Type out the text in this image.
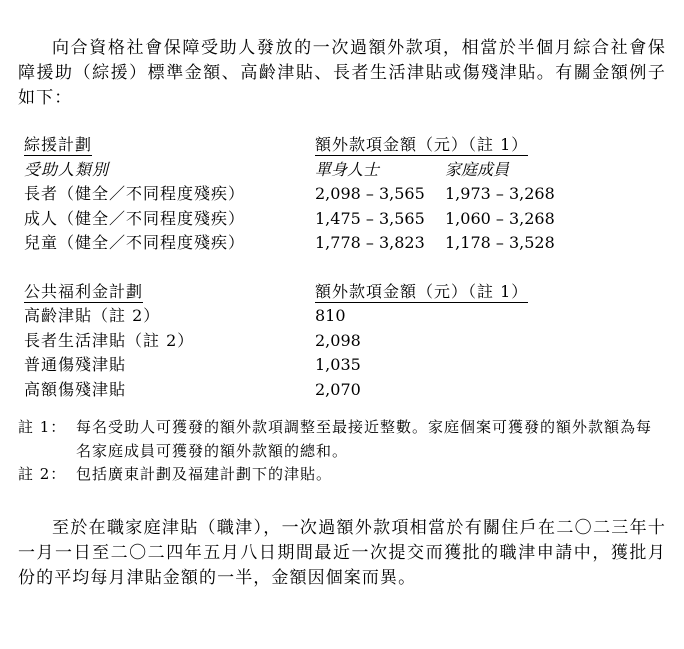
向合資格社會保障受助人發放的一次過額外款項，相當於半個月綜合社會保障援助（綜援）標準金額、高齡津貼、長者生活津貼或傷殘津貼。有關金額例子如下：

綜援計劃	額外款項金額（元）（註 1）
受助人類別	單身人士	家庭成員
長者（健全／不同程度殘疾）	2,098 – 3,565	1,973 – 3,268
成人（健全／不同程度殘疾）	1,475 – 3,565	1,060 – 3,268
兒童（健全／不同程度殘疾）	1,778 – 3,823	1,178 – 3,528
公共福利金計劃	額外款項金額（元）（註 1）
高齡津貼（註 2）	810
長者生活津貼（註 2）	2,098
普通傷殘津貼	1,035
高額傷殘津貼	2,070
註 1： 每名受助人可獲發的額外款項調整至最接近整數。家庭個案可獲發的額外款額為每名家庭成員可獲發的額外款額的總和。
註 2： 包括廣東計劃及福建計劃下的津貼。

至於在職家庭津貼（職津），一次過額外款項相當於有關住戶在二〇二三年十一月一日至二〇二四年五月八日期間最近一次提交而獲批的職津申請中，獲批月份的平均每月津貼金額的一半，金額因個案而異。
